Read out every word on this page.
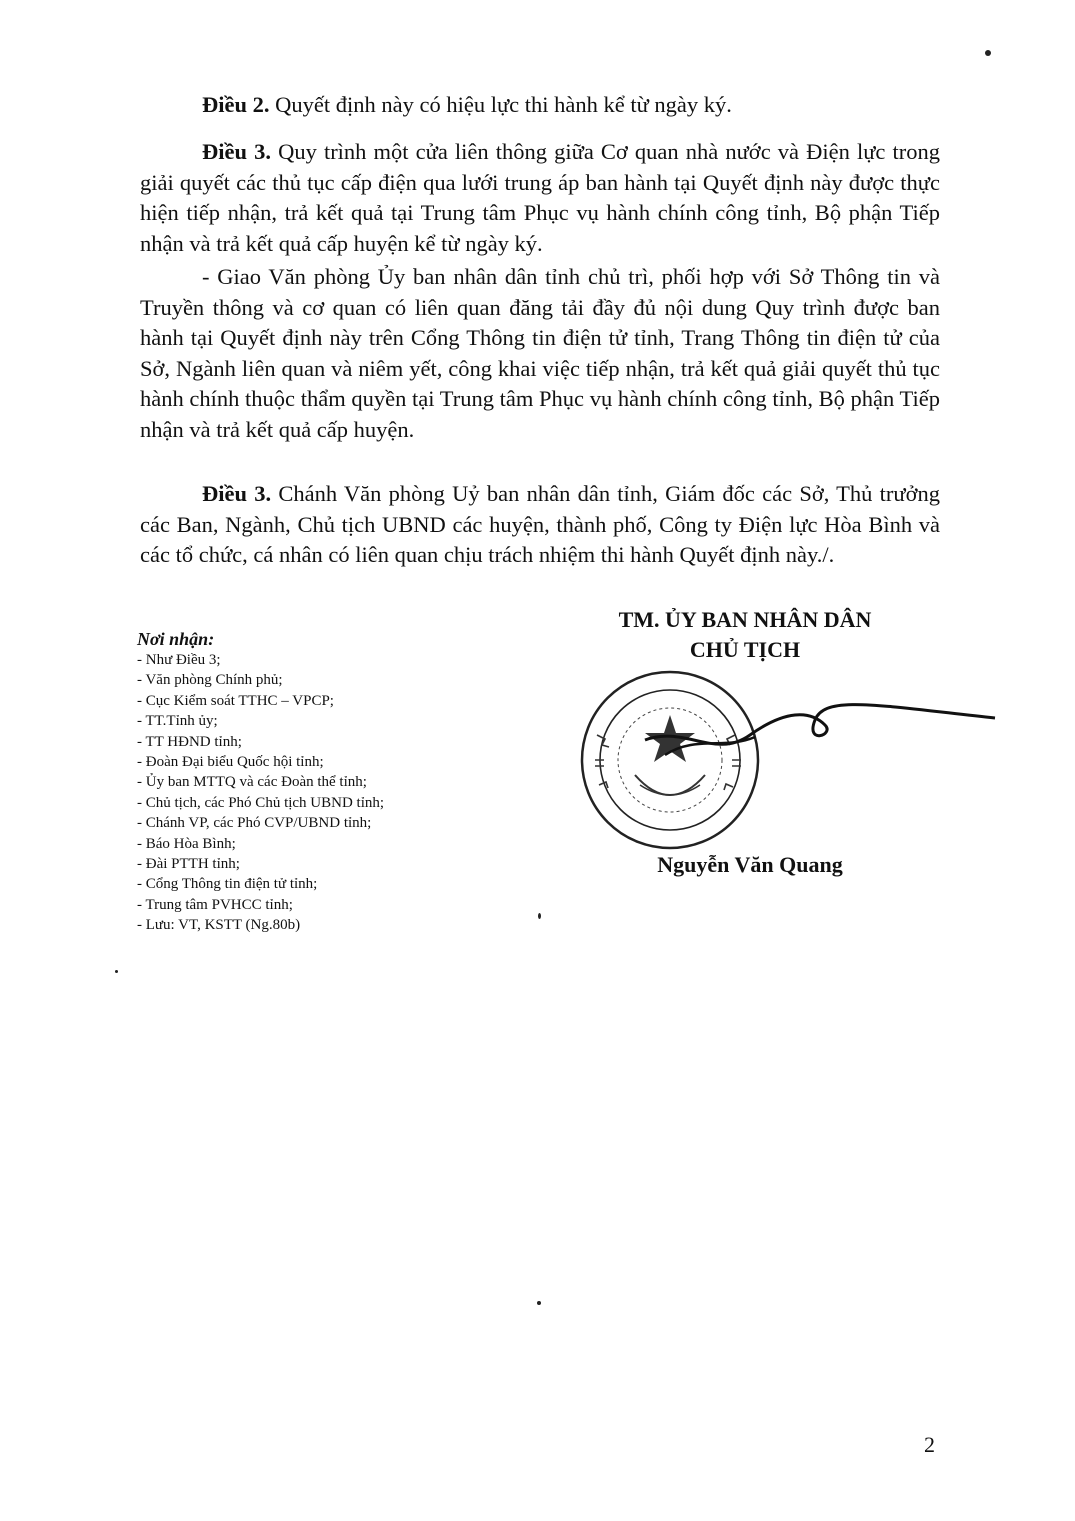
Điều 2. Quyết định này có hiệu lực thi hành kể từ ngày ký.

Điều 3. Quy trình một cửa liên thông giữa Cơ quan nhà nước và Điện lực trong giải quyết các thủ tục cấp điện qua lưới trung áp ban hành tại Quyết định này được thực hiện tiếp nhận, trả kết quả tại Trung tâm Phục vụ hành chính công tỉnh, Bộ phận Tiếp nhận và trả kết quả cấp huyện kể từ ngày ký.

- Giao Văn phòng Ủy ban nhân dân tỉnh chủ trì, phối hợp với Sở Thông tin và Truyền thông và cơ quan có liên quan đăng tải đầy đủ nội dung Quy trình được ban hành tại Quyết định này trên Cổng Thông tin điện tử tỉnh, Trang Thông tin điện tử của Sở, Ngành liên quan và niêm yết, công khai việc tiếp nhận, trả kết quả giải quyết thủ tục hành chính thuộc thẩm quyền tại Trung tâm Phục vụ hành chính công tỉnh, Bộ phận Tiếp nhận và trả kết quả cấp huyện.

Điều 3. Chánh Văn phòng Uỷ ban nhân dân tỉnh, Giám đốc các Sở, Thủ trưởng các Ban, Ngành, Chủ tịch UBND các huyện, thành phố, Công ty Điện lực Hòa Bình và các tổ chức, cá nhân có liên quan chịu trách nhiệm thi hành Quyết định này./.

Nơi nhận:
- Như Điều 3;
- Văn phòng Chính phủ;
- Cục Kiểm soát TTHC – VPCP;
- TT.Tỉnh ủy;
- TT HĐND tỉnh;
- Đoàn Đại biểu Quốc hội tỉnh;
- Ủy ban MTTQ và các Đoàn thể tỉnh;
- Chủ tịch, các Phó Chủ tịch UBND tỉnh;
- Chánh VP, các Phó CVP/UBND tỉnh;
- Báo Hòa Bình;
- Đài PTTH tỉnh;
- Cổng Thông tin điện tử tỉnh;
- Trung tâm PVHCC tỉnh;
- Lưu: VT, KSTT (Ng.80b)
TM. ỦY BAN NHÂN DÂN
CHỦ TỊCH
Nguyễn Văn Quang
2
